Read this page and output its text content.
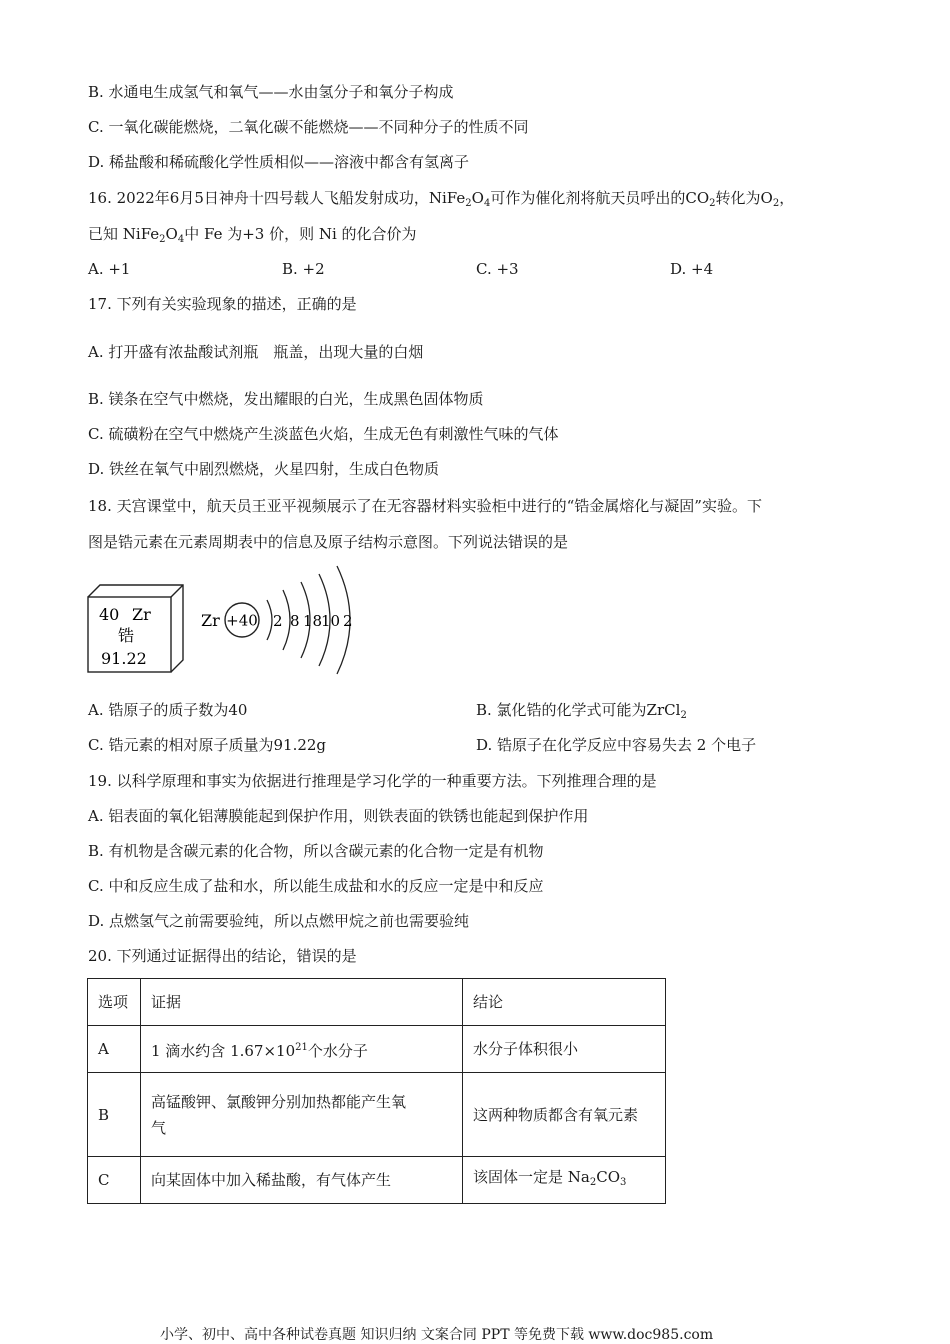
B. 水通电生成氢气和氧气——水由氢分子和氧分子构成
C. 一氧化碳能燃烧，二氧化碳不能燃烧——不同种分子的性质不同
D. 稀盐酸和稀硫酸化学性质相似——溶液中都含有氢离子
16. 2022年6月5日神舟十四号载人飞船发射成功，$NiFe_2O_4$可作为催化剂将航天员呼出的$CO_2$转化为$O_2$，
已知 $NiFe_2O_4$中 Fe 为+3 价，则 Ni 的化合价为
A. +1	B. +2	C. +3	D. +4
17. 下列有关实验现象的描述，正确的是
A. 打开盛有浓盐酸试剂瓶　瓶盖，出现大量的白烟
B. 镁条在空气中燃烧，发出耀眼的白光，生成黑色固体物质
C. 硫磺粉在空气中燃烧产生淡蓝色火焰，生成无色有刺激性气味的气体
D. 铁丝在氧气中剧烈燃烧，火星四射，生成白色物质
18. 天宫课堂中，航天员王亚平视频展示了在无容器材料实验柜中进行的“锆金属熔化与凝固”实验。下
图是锆元素在元素周期表中的信息及原子结构示意图。下列说法错误的是
40 Zr
锆
91.22
Zr +40 2 8 18
10 2
A. 锆原子的质子数为40	B. 氯化锆的化学式可能为ZrCl$_2$
C. 锆元素的相对原子质量为91.22g	D. 锆原子在化学反应中容易失去 2 个电子
19. 以科学原理和事实为依据进行推理是学习化学的一种重要方法。下列推理合理的是
A. 铝表面的氧化铝薄膜能起到保护作用，则铁表面的铁锈也能起到保护作用
B. 有机物是含碳元素的化合物，所以含碳元素的化合物一定是有机物
C. 中和反应生成了盐和水，所以能生成盐和水的反应一定是中和反应
D. 点燃氢气之前需要验纯，所以点燃甲烷之前也需要验纯
20. 下列通过证据得出的结论，错误的是
选项	证据	结论
A	1 滴水约含 $1.67\times 10^{21}$个水分子	水分子体积很小
B	高锰酸钾、氯酸钾分别加热都能产生氧
气	这两种物质都含有氧元素
C	向某固体中加入稀盐酸，有气体产生	该固体一定是 $Na_2CO_3$
小学、初中、高中各种试卷真题 知识归纳 文案合同 PPT 等免费下载 www.doc985.com
